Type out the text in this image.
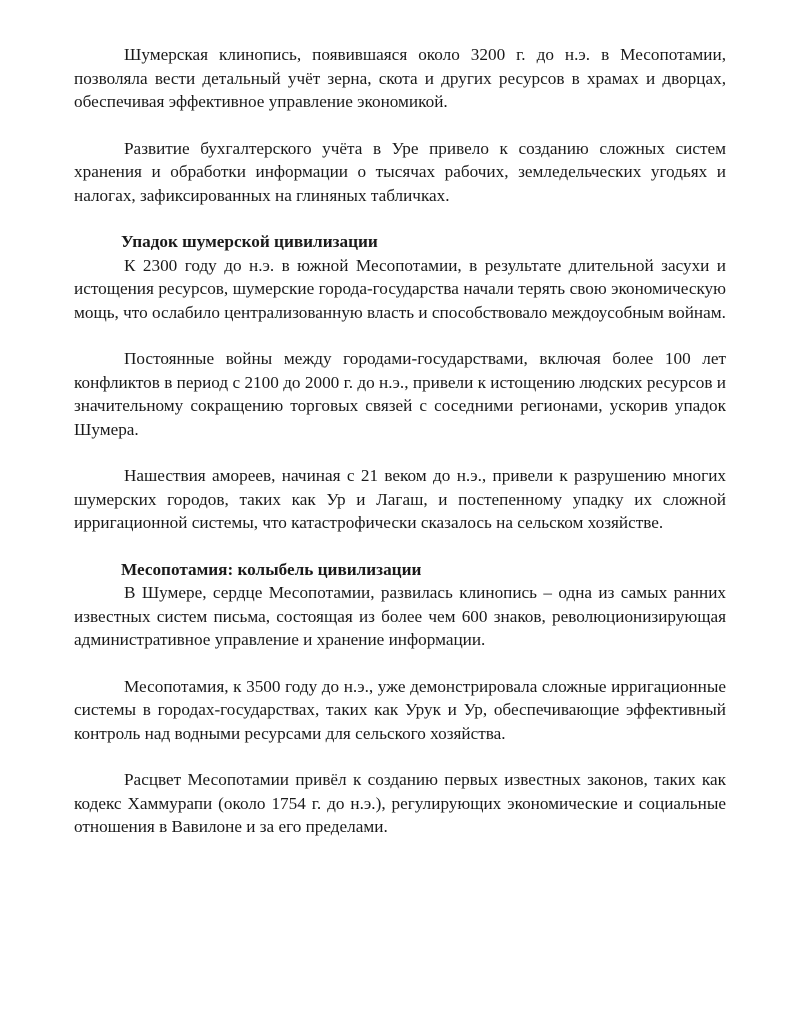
Шумерская клинопись, появившаяся около 3200 г. до н.э. в Месопотамии, позволяла вести детальный учёт зерна, скота и других ресурсов в храмах и дворцах, обеспечивая эффективное управление экономикой.

Развитие бухгалтерского учёта в Уре привело к созданию сложных систем хранения и обработки информации о тысячах рабочих, земледельческих угодьях и налогах, зафиксированных на глиняных табличках.

Упадок шумерской цивилизации

К 2300 году до н.э. в южной Месопотамии, в результате длительной засухи и истощения ресурсов, шумерские города-государства начали терять свою экономическую мощь, что ослабило централизованную власть и способствовало междоусобным войнам.

Постоянные войны между городами-государствами, включая более 100 лет конфликтов в период с 2100 до 2000 г. до н.э., привели к истощению людских ресурсов и значительному сокращению торговых связей с соседними регионами, ускорив упадок Шумера.

Нашествия амореев, начиная с 21 веком до н.э., привели к разрушению многих шумерских городов, таких как Ур и Лагаш, и постепенному упадку их сложной ирригационной системы, что катастрофически сказалось на сельском хозяйстве.

Месопотамия: колыбель цивилизации

В Шумере, сердце Месопотамии, развилась клинопись – одна из самых ранних известных систем письма, состоящая из более чем 600 знаков, революционизирующая административное управление и хранение информации.

Месопотамия, к 3500 году до н.э., уже демонстрировала сложные ирригационные системы в городах-государствах, таких как Урук и Ур, обеспечивающие эффективный контроль над водными ресурсами для сельского хозяйства.

Расцвет Месопотамии привёл к созданию первых известных законов, таких как кодекс Хаммурапи (около 1754 г. до н.э.), регулирующих экономические и социальные отношения в Вавилоне и за его пределами.
